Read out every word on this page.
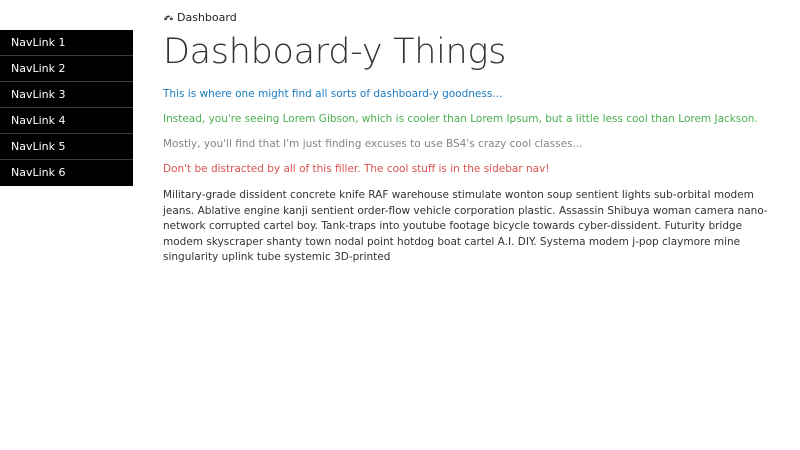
NavLink 1
NavLink 2
NavLink 3
NavLink 4
NavLink 5
NavLink 6
Dashboard
Dashboard-y Things

This is where one might find all sorts of dashboard-y goodness...

Instead, you're seeing Lorem Gibson, which is cooler than Lorem Ipsum, but a little less cool than Lorem Jackson.

Mostly, you'll find that I'm just finding excuses to use BS4's crazy cool classes...

Don't be distracted by all of this filler. The cool stuff is in the sidebar nav!

Military-grade dissident concrete knife RAF warehouse stimulate wonton soup sentient lights sub-orbital modem jeans. Ablative engine kanji sentient order-flow vehicle corporation plastic. Assassin Shibuya woman camera nano-network corrupted cartel boy. Tank-traps into youtube footage bicycle towards cyber-dissident. Futurity bridge modem skyscraper shanty town nodal point hotdog boat cartel A.I. DIY. Systema modem j-pop claymore mine singularity uplink tube systemic 3D-printed
